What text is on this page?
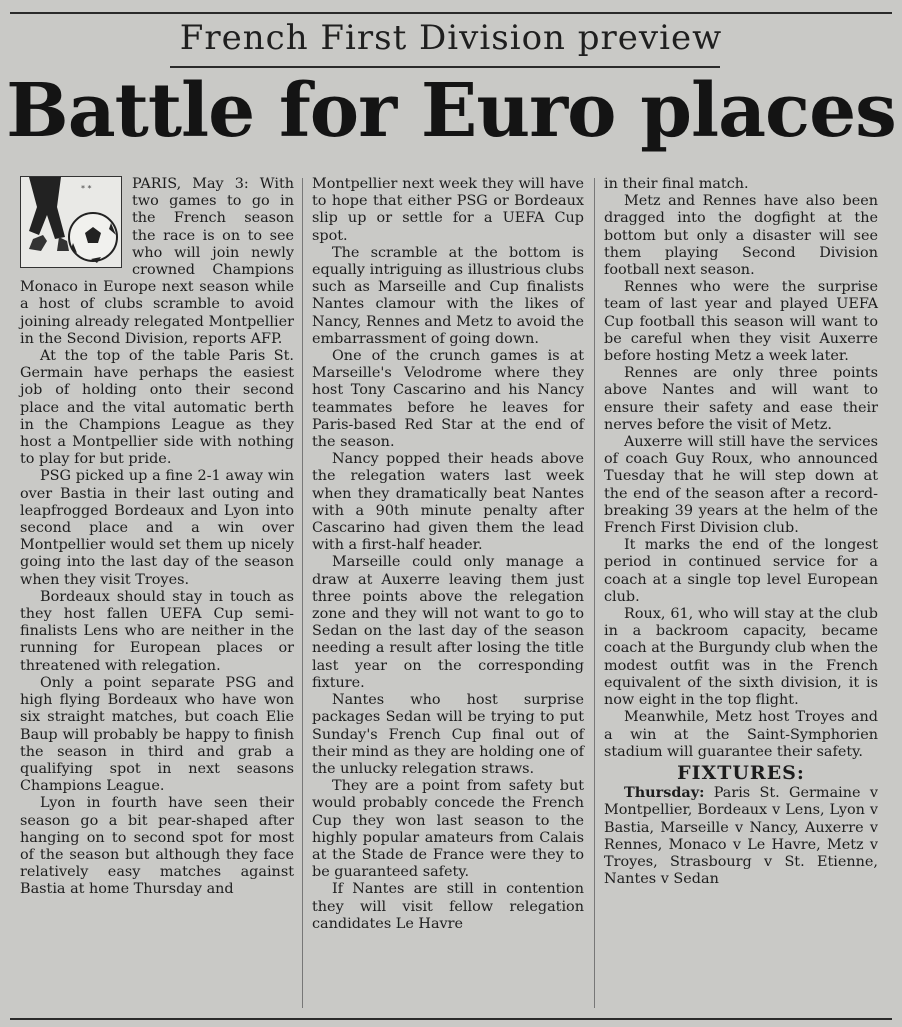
French First Division preview
Battle for Euro places
* *	PARIS, May 3: With two games to go in the French season the race is on to see who will join newly crowned Champions Monaco in Europe next season while a host of clubs scramble to avoid joining already relegated Montpellier in the Second Division, reports AFP.

At the top of the table Paris St. Germain have perhaps the easiest job of holding onto their second place and the vital automatic berth in the Champions League as they host a Montpellier side with nothing to play for but pride.

PSG picked up a fine 2-1 away win over Bastia in their last outing and leapfrogged Bordeaux and Lyon into second place and a win over Montpellier would set them up nicely going into the last day of the season when they visit Troyes.

Bordeaux should stay in touch as they host fallen UEFA Cup semi-finalists Lens who are neither in the running for European places or threatened with relegation.

Only a point separate PSG and high flying Bordeaux who have won six straight matches, but coach Elie Baup will probably be happy to finish the season in third and grab a qualifying spot in next seasons Champions League.

Lyon in fourth have seen their season go a bit pear-shaped after hanging on to second spot for most of the season but although they face relatively easy matches against Bastia at home Thursday and

Montpellier next week they will have to hope that either PSG or Bordeaux slip up or settle for a UEFA Cup spot.

The scramble at the bottom is equally intriguing as illustrious clubs such as Marseille and Cup finalists Nantes clamour with the likes of Nancy, Rennes and Metz to avoid the embarrassment of going down.

One of the crunch games is at Marseille's Velodrome where they host Tony Cascarino and his Nancy teammates before he leaves for Paris-based Red Star at the end of the season.

Nancy popped their heads above the relegation waters last week when they dramatically beat Nantes with a 90th minute penalty after Cascarino had given them the lead with a first-half header.

Marseille could only manage a draw at Auxerre leaving them just three points above the relegation zone and they will not want to go to Sedan on the last day of the season needing a result after losing the title last year on the corresponding fixture.

Nantes who host surprise packages Sedan will be trying to put Sunday's French Cup final out of their mind as they are holding one of the unlucky relegation straws.

They are a point from safety but would probably concede the French Cup they won last season to the highly popular amateurs from Calais at the Stade de France were they to be guaranteed safety.

If Nantes are still in contention they will visit fellow relegation candidates Le Havre

in their final match.

Metz and Rennes have also been dragged into the dogfight at the bottom but only a disaster will see them playing Second Division football next season.

Rennes who were the surprise team of last year and played UEFA Cup football this season will want to be careful when they visit Auxerre before hosting Metz a week later.

Rennes are only three points above Nantes and will want to ensure their safety and ease their nerves before the visit of Metz.

Auxerre will still have the services of coach Guy Roux, who announced Tuesday that he will step down at the end of the season after a record-breaking 39 years at the helm of the French First Division club.

It marks the end of the longest period in continued service for a coach at a single top level European club.

Roux, 61, who will stay at the club in a backroom capacity, became coach at the Burgundy club when the modest outfit was in the French equivalent of the sixth division, it is now eight in the top flight.

Meanwhile, Metz host Troyes and a win at the Saint-Symphorien stadium will guarantee their safety.

FIXTURES:

Thursday: Paris St. Germaine v Montpellier, Bordeaux v Lens, Lyon v Bastia, Marseille v Nancy, Auxerre v Rennes, Monaco v Le Havre, Metz v Troyes, Strasbourg v St. Etienne, Nantes v Sedan
